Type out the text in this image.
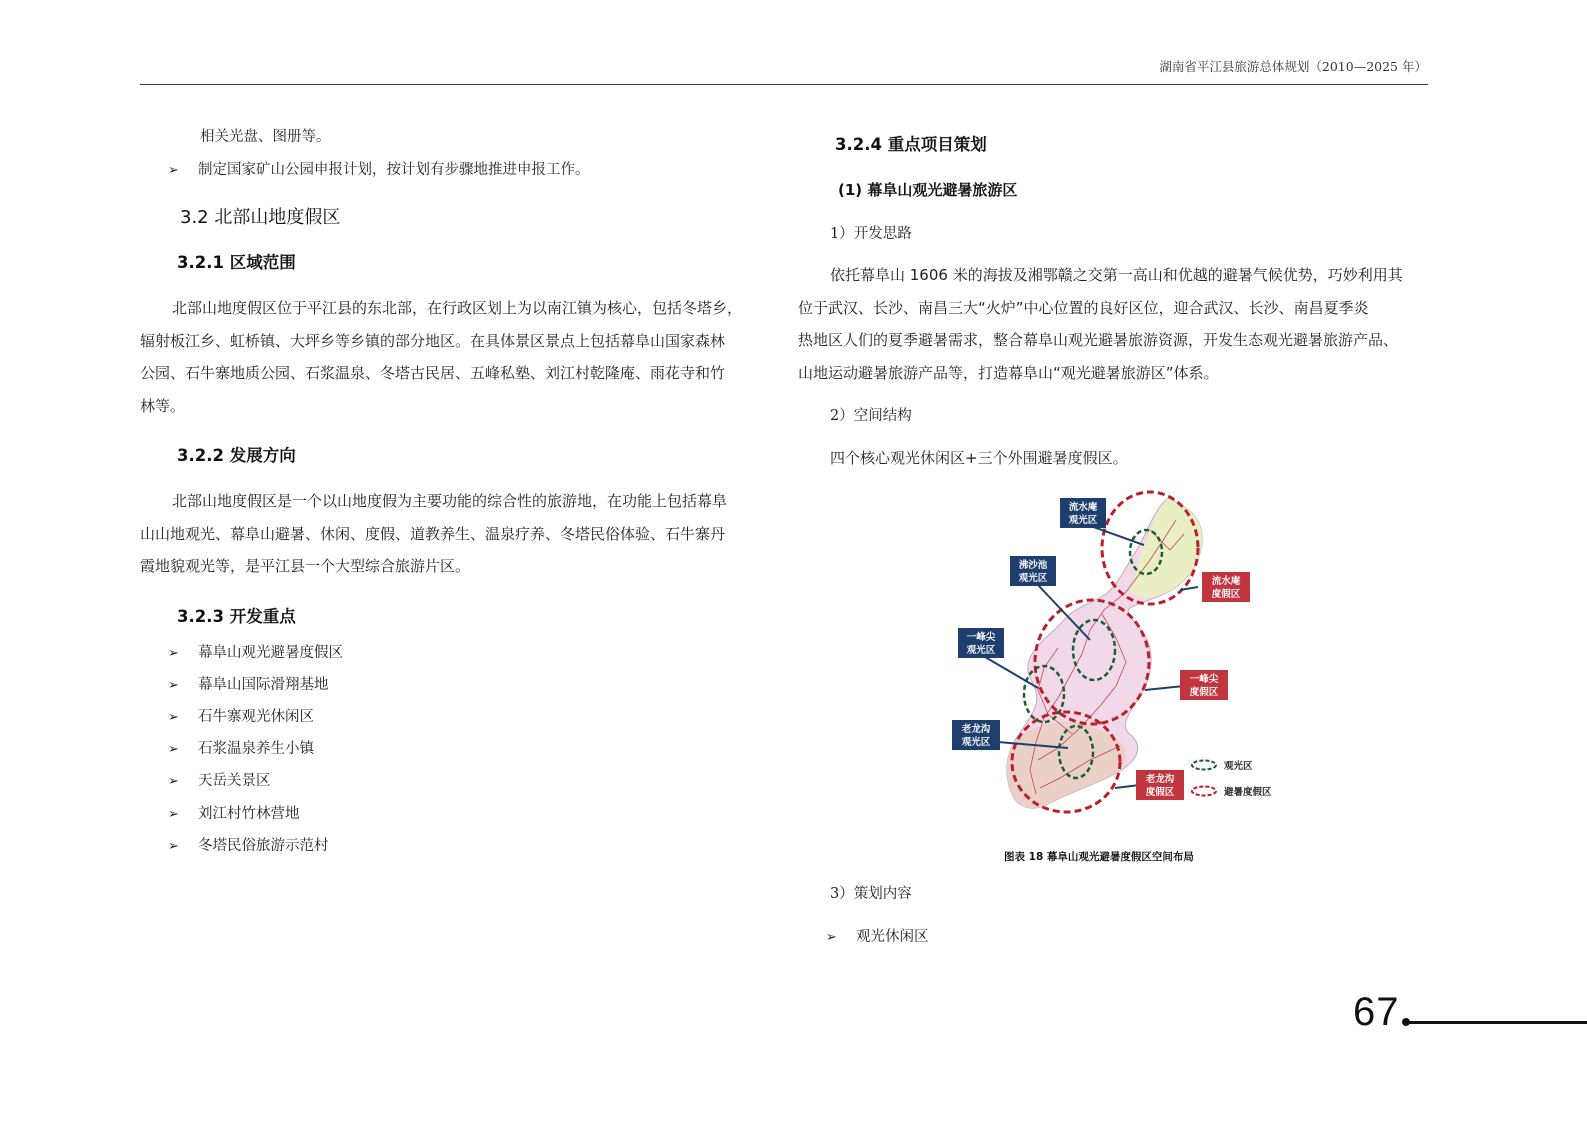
湖南省平江县旅游总体规划（2010—2025 年）
相关光盘、图册等。
➢ 制定国家矿山公园申报计划，按计划有步骤地推进申报工作。
3.2 北部山地度假区
3.2.1 区域范围
北部山地度假区位于平江县的东北部，在行政区划上为以南江镇为核心，包括冬塔乡，
辐射板江乡、虹桥镇、大坪乡等乡镇的部分地区。在具体景区景点上包括幕阜山国家森林
公园、石牛寨地质公园、石浆温泉、冬塔古民居、五峰私塾、刘江村乾隆庵、雨花寺和竹
林等。
3.2.2 发展方向
北部山地度假区是一个以山地度假为主要功能的综合性的旅游地，在功能上包括幕阜
山山地观光、幕阜山避暑、休闲、度假、道教养生、温泉疗养、冬塔民俗体验、石牛寨丹
霞地貌观光等，是平江县一个大型综合旅游片区。
3.2.3 开发重点
➢ 幕阜山观光避暑度假区
➢ 幕阜山国际滑翔基地
➢ 石牛寨观光休闲区
➢ 石浆温泉养生小镇
➢ 天岳关景区
➢ 刘江村竹林营地
➢ 冬塔民俗旅游示范村
3.2.4 重点项目策划
(1) 幕阜山观光避暑旅游区
1）开发思路
依托幕阜山 1606 米的海拔及湘鄂赣之交第一高山和优越的避暑气候优势，巧妙利用其
位于武汉、长沙、南昌三大“火炉”中心位置的良好区位，迎合武汉、长沙、南昌夏季炎
热地区人们的夏季避暑需求，整合幕阜山观光避暑旅游资源，开发生态观光避暑旅游产品、
山地运动避暑旅游产品等，打造幕阜山“观光避暑旅游区”体系。
2）空间结构
四个核心观光休闲区+三个外围避暑度假区。
流水庵
观光区
沸沙池
观光区
一峰尖
观光区
老龙沟
观光区
流水庵
度假区
一峰尖
度假区
老龙沟
度假区
观光区
避暑度假区
图表 18 幕阜山观光避暑度假区空间布局
3）策划内容
➢ 观光休闲区
67
